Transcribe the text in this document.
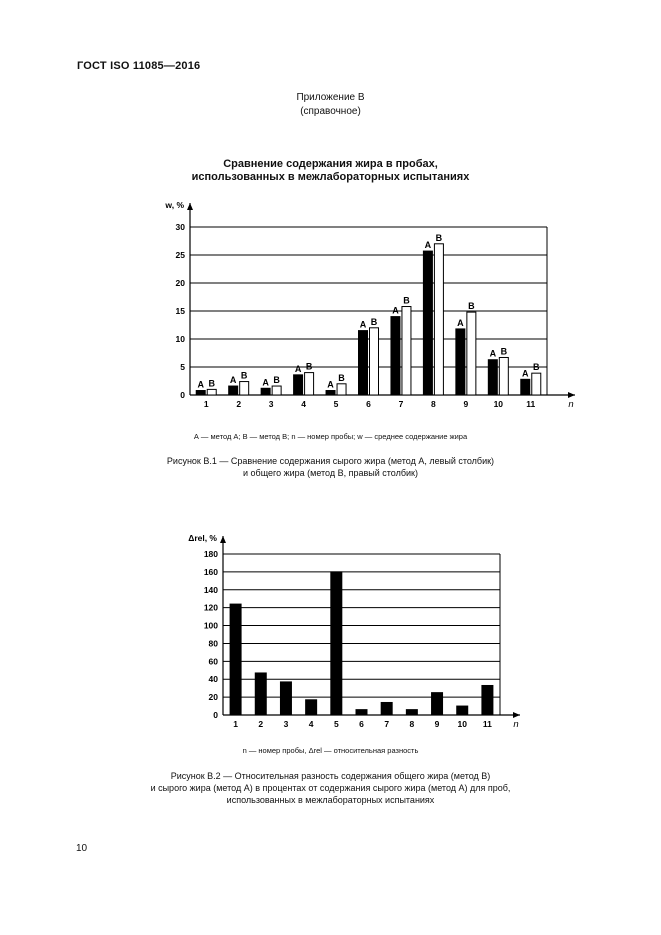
ГОСТ ISO 11085—2016
Приложение В
(справочное)
Сравнение содержания жира в пробах,
использованных в межлабораторных испытаниях
0
5
10
15
20
25
30
w, %
n
1	2	3	4	5	6	7	8	9	10	11
А В А В
А В
А В
А
В
А В
А
В
А
В
А
В
А В
А
В
А — метод А; В — метод В; n — номер пробы; w — среднее содержание жира
Рисунок В.1 — Сравнение содержания сырого жира (метод А, левый столбик)
и общего жира (метод В, правый столбик)
0
20
40
60
80
100
120
140
160
180
Δrel, %
n
1 2 3 4 5 6 7 8 9 10 11
n — номер пробы, Δrel — относительная разность
Рисунок В.2 — Относительная разность содержания общего жира (метод В)
и сырого жира (метод А) в процентах от содержания сырого жира (метод А) для проб,
использованных в межлабораторных испытаниях
10
